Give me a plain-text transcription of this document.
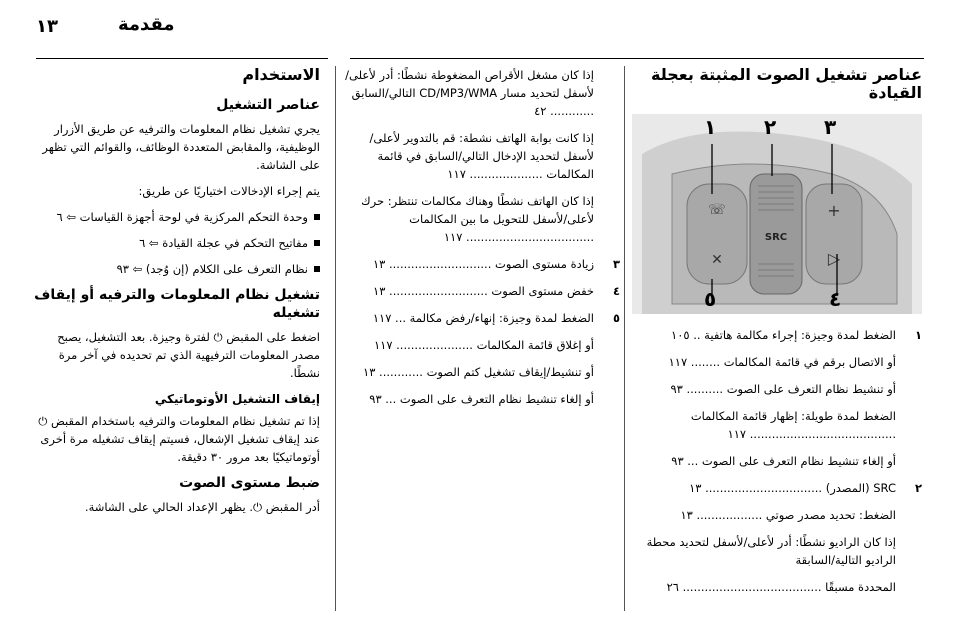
١٣	مقدمة
عناصر تشغيل الصوت المثبتة بعجلة القيادة
☏
✕
SRC
+
▷
١ ٢ ٣
٤
٥
١
الضغط لمدة وجيزة: إجراء مكالمة هاتفية .. ١٠٥
أو الاتصال برقم في قائمة المكالمات ........ ١١٧
أو تنشيط نظام التعرف على الصوت .......... ٩٣
الضغط لمدة طويلة: إظهار قائمة المكالمات ........................................ ١١٧
أو إلغاء تنشيط نظام التعرف على الصوت ... ٩٣
٢
SRC (المصدر) ................................ ١٣
الضغط: تحديد مصدر صوتي .................. ١٣
إذا كان الراديو نشطًا: أدر لأعلى/لأسفل لتحديد محطة الراديو التالية/السابقة
المحددة مسبقًا ...................................... ٢٦
إذا كان مشغل الأقراص المضغوطة نشطًا: أدر لأعلى/لأسفل لتحديد مسار CD/MP3/WMA التالي/السابق ............ ٤٢
إذا كانت بوابة الهاتف نشطة: قم بالتدوير لأعلى/لأسفل لتحديد الإدخال التالي/السابق في قائمة المكالمات .................... ١١٧
إذا كان الهاتف نشطًا وهناك مكالمات تنتظر: حرك لأعلى/لأسفل للتحويل ما بين المكالمات ................................... ١١٧
٣
زيادة مستوى الصوت ............................ ١٣
٤
خفض مستوى الصوت ........................... ١٣
٥
الضغط لمدة وجيزة: إنهاء/رفض مكالمة ... ١١٧
أو إغلاق قائمة المكالمات ..................... ١١٧
أو تنشيط/إيقاف تشغيل كتم الصوت ............ ١٣
أو إلغاء تنشيط نظام التعرف على الصوت ... ٩٣
الاستخدام
عناصر التشغيل

يجري تشغيل نظام المعلومات والترفيه عن طريق الأزرار الوظيفية، والمقابض المتعددة الوظائف، والقوائم التي تظهر على الشاشة.

يتم إجراء الإدخالات اختياريًا عن طريق:

وحدة التحكم المركزية في لوحة أجهزة القياسات ⇦ ٦
مفاتيح التحكم في عجلة القيادة ⇦ ٦
نظام التعرف على الكلام (إن وُجد) ⇦ ٩٣
تشغيل نظام المعلومات والترفيه أو إيقاف تشغيله

اضغط على المقبض ⏻ لفترة وجيزة. بعد التشغيل، يصبح مصدر المعلومات الترفيهية الذي تم تحديده في آخر مرة نشطًا.

إيقاف التشغيل الأوتوماتيكي

إذا تم تشغيل نظام المعلومات والترفيه باستخدام المقبض ⏻ عند إيقاف تشغيل الإشعال، فسيتم إيقاف تشغيله مرة أخرى أوتوماتيكيًا بعد مرور ٣٠ دقيقة.

ضبط مستوى الصوت

أدر المقبض ⏻. يظهر الإعداد الحالي على الشاشة.
